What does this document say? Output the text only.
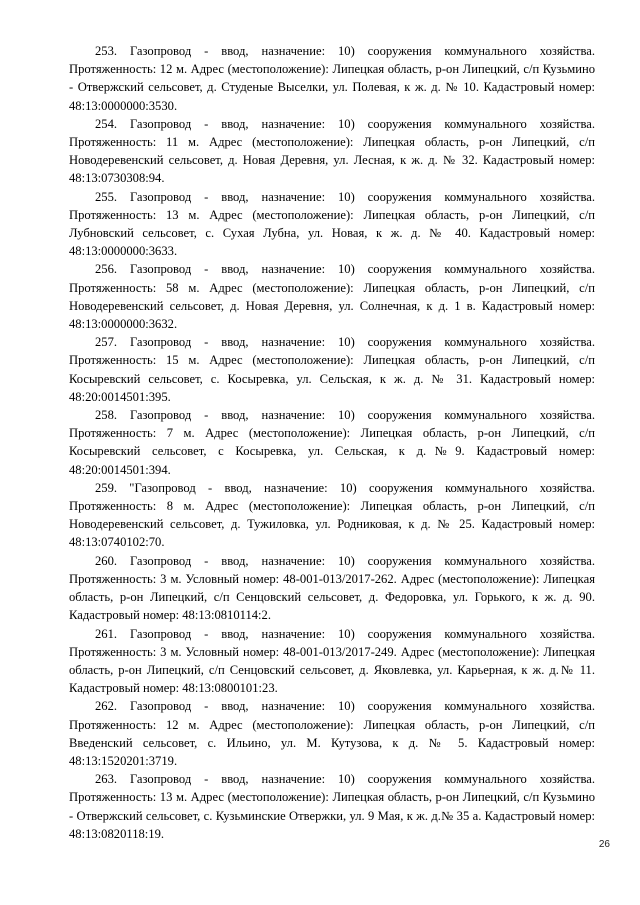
253. Газопровод - ввод, назначение: 10) сооружения коммунального хозяйства. Протяженность: 12 м. Адрес (местоположение): Липецкая область, р-он Липецкий, с/п Кузьмино - Отвержский сельсовет, д. Студеные Выселки, ул. Полевая, к ж. д. № 10. Кадастровый номер: 48:13:0000000:3530.

254. Газопровод - ввод, назначение: 10) сооружения коммунального хозяйства. Протяженность: 11 м. Адрес (местоположение): Липецкая область, р-он Липецкий, с/п Новодеревенский сельсовет, д. Новая Деревня, ул. Лесная, к ж. д. № 32. Кадастровый номер: 48:13:0730308:94.

255. Газопровод - ввод, назначение: 10) сооружения коммунального хозяйства. Протяженность: 13 м. Адрес (местоположение): Липецкая область, р-он Липецкий, с/п Лубновский сельсовет, с. Сухая Лубна, ул. Новая, к ж. д. № 40. Кадастровый номер: 48:13:0000000:3633.

256. Газопровод - ввод, назначение: 10) сооружения коммунального хозяйства. Протяженность: 58 м. Адрес (местоположение): Липецкая область, р-он Липецкий, с/п Новодеревенский сельсовет, д. Новая Деревня, ул. Солнечная, к д. 1 в. Кадастровый номер: 48:13:0000000:3632.

257. Газопровод - ввод, назначение: 10) сооружения коммунального хозяйства. Протяженность: 15 м. Адрес (местоположение): Липецкая область, р-он Липецкий, с/п Косыревский сельсовет, с. Косыревка, ул. Сельская, к ж. д. № 31. Кадастровый номер: 48:20:0014501:395.

258. Газопровод - ввод, назначение: 10) сооружения коммунального хозяйства. Протяженность: 7 м. Адрес (местоположение): Липецкая область, р-он Липецкий, с/п Косыревский сельсовет, с Косыревка, ул. Сельская, к д.№9. Кадастровый номер: 48:20:0014501:394.

259. "Газопровод - ввод, назначение: 10) сооружения коммунального хозяйства. Протяженность: 8 м. Адрес (местоположение): Липецкая область, р-он Липецкий, с/п Новодеревенский сельсовет, д. Тужиловка, ул. Родниковая, к д. № 25. Кадастровый номер: 48:13:0740102:70.

260. Газопровод - ввод, назначение: 10) сооружения коммунального хозяйства. Протяженность: 3 м. Условный номер: 48-001-013/2017-262. Адрес (местоположение): Липецкая область, р-он Липецкий, с/п Сенцовский сельсовет, д. Федоровка, ул. Горького, к ж. д. 90. Кадастровый номер: 48:13:0810114:2.

261. Газопровод - ввод, назначение: 10) сооружения коммунального хозяйства. Протяженность: 3 м. Условный номер: 48-001-013/2017-249. Адрес (местоположение): Липецкая область, р-он Липецкий, с/п Сенцовский сельсовет, д. Яковлевка, ул. Карьерная, к ж. д.№ 11. Кадастровый номер: 48:13:0800101:23.

262. Газопровод - ввод, назначение: 10) сооружения коммунального хозяйства. Протяженность: 12 м. Адрес (местоположение): Липецкая область, р-он Липецкий, с/п Введенский сельсовет, с. Ильино, ул. М. Кутузова, к д. № 5. Кадастровый номер: 48:13:1520201:3719.

263. Газопровод - ввод, назначение: 10) сооружения коммунального хозяйства. Протяженность: 13 м. Адрес (местоположение): Липецкая область, р-он Липецкий, с/п Кузьмино - Отвержский сельсовет, с. Кузьминские Отвержки, ул. 9 Мая, к ж. д.№ 35 а. Кадастровый номер: 48:13:0820118:19.

26
